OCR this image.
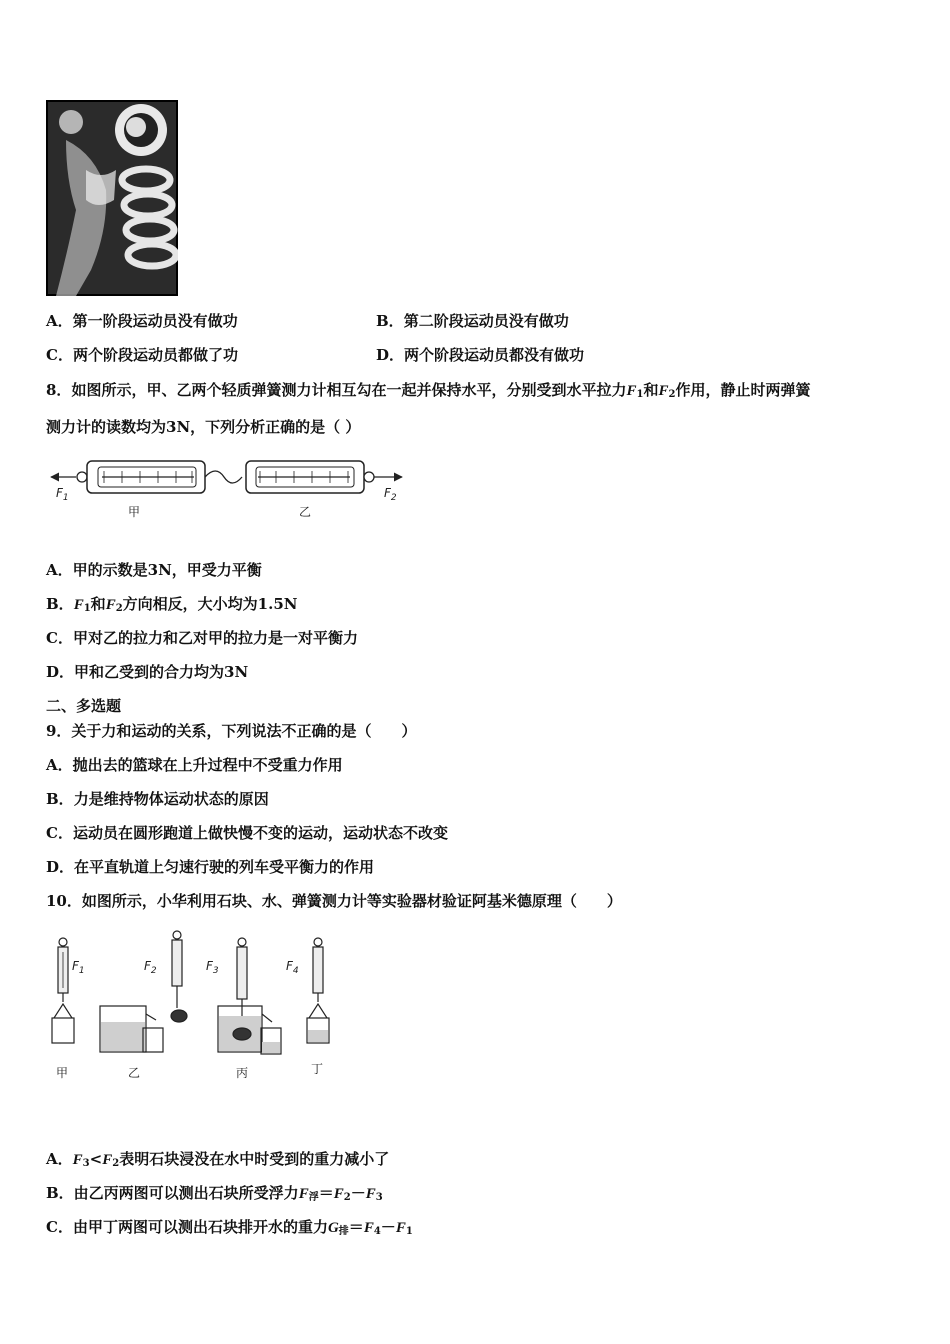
A．第一阶段运动员没有做功	B．第二阶段运动员没有做功
C．两个阶段运动员都做了功	D．两个阶段运动员都没有做功
8．如图所示，甲、乙两个轻质弹簧测力计相互勾在一起并保持水平，分别受到水平拉力$F_1$和$F_2$作用，静止时两弹簧
测力计的读数均为3N，下列分析正确的是（ ）
$F_1$	$F_2$
甲	乙
A．甲的示数是3N，甲受力平衡
B．$F_1$和$F_2$方向相反，大小均为1.5N
C．甲对乙的拉力和乙对甲的拉力是一对平衡力
D．甲和乙受到的合力均为3N
二、多选题
9．关于力和运动的关系，下列说法不正确的是（　　）
A．抛出去的篮球在上升过程中不受重力作用
B．力是维持物体运动状态的原因
C．运动员在圆形跑道上做快慢不变的运动，运动状态不改变
D．在平直轨道上匀速行驶的列车受平衡力的作用
10．如图所示，小华利用石块、水、弹簧测力计等实验器材验证阿基米德原理（　　）
$F_1$	$F_2$	$F_3$	$F_4$
甲	乙	丙	丁
A．$F_3<F_2$表明石块浸没在水中时受到的重力减小了
B．由乙丙两图可以测出石块所受浮力$F_浮=F_2-F_3$
C．由甲丁两图可以测出石块排开水的重力$G_排=F_4-F_1$
